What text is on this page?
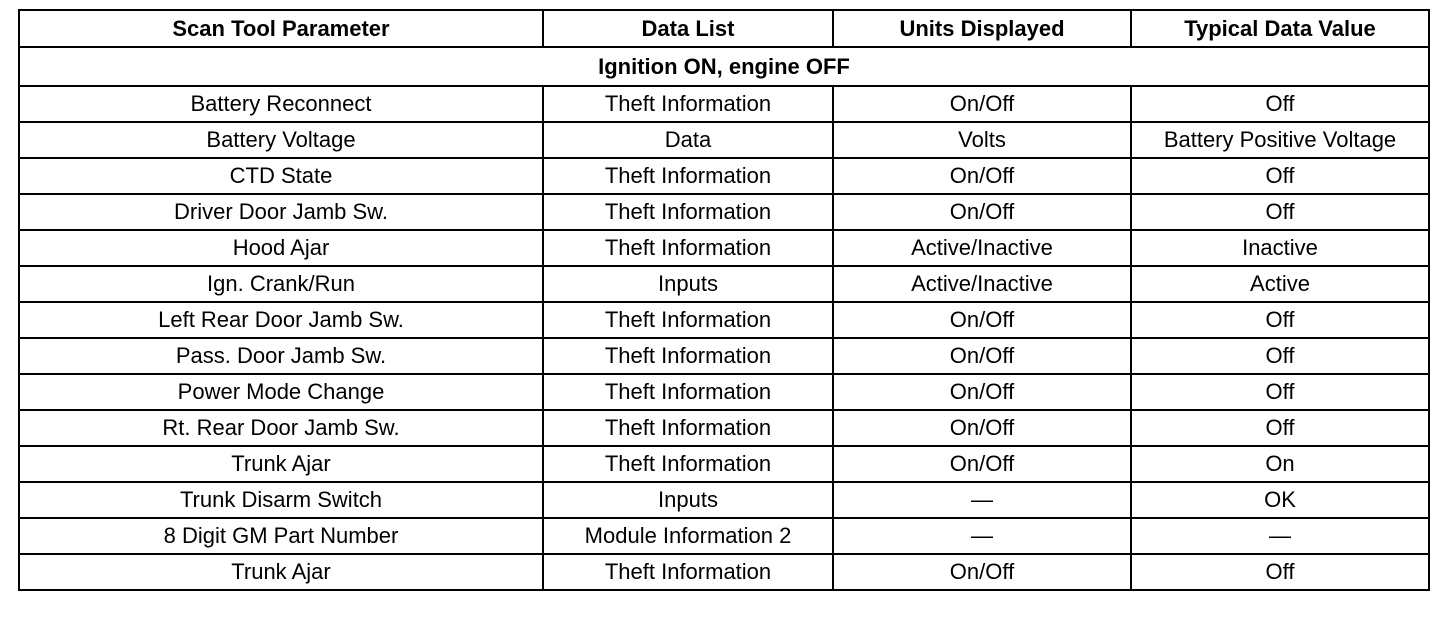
Scan Tool Parameter	Data List	Units Displayed	Typical Data Value
Ignition ON, engine OFF			
Battery Reconnect	Theft Information	On/Off	Off
Battery Voltage	Data	Volts	Battery Positive Voltage
CTD State	Theft Information	On/Off	Off
Driver Door Jamb Sw.	Theft Information	On/Off	Off
Hood Ajar	Theft Information	Active/Inactive	Inactive
Ign. Crank/Run	Inputs	Active/Inactive	Active
Left Rear Door Jamb Sw.	Theft Information	On/Off	Off
Pass. Door Jamb Sw.	Theft Information	On/Off	Off
Power Mode Change	Theft Information	On/Off	Off
Rt. Rear Door Jamb Sw.	Theft Information	On/Off	Off
Trunk Ajar	Theft Information	On/Off	On
Trunk Disarm Switch	Inputs	—	OK
8 Digit GM Part Number	Module Information 2	—	—
Trunk Ajar	Theft Information	On/Off	Off
